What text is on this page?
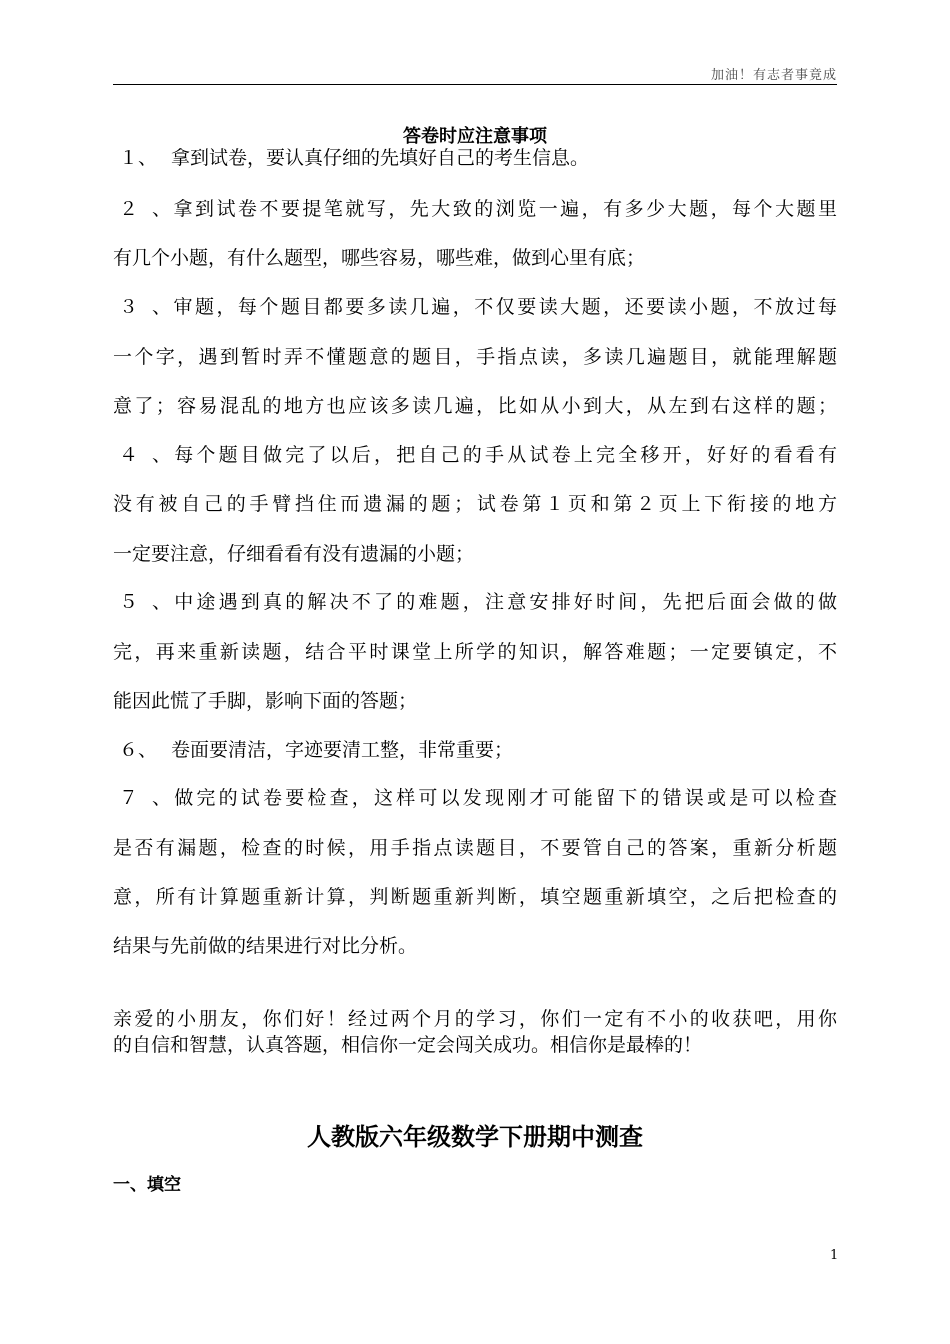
加油！有志者事竟成
答卷时应注意事项
１、 拿到试卷，要认真仔细的先填好自己的考生信息。
２、拿到试卷不要提笔就写，先大致的浏览一遍，有多少大题，每个大题里
有几个小题，有什么题型，哪些容易，哪些难，做到心里有底；
３、审题，每个题目都要多读几遍，不仅要读大题，还要读小题，不放过每
一个字，遇到暂时弄不懂题意的题目，手指点读，多读几遍题目，就能理解题
意了；容易混乱的地方也应该多读几遍，比如从小到大，从左到右这样的题；
４、每个题目做完了以后，把自己的手从试卷上完全移开，好好的看看有
没有被自己的手臂挡住而遗漏的题；试卷第１页和第２页上下衔接的地方
一定要注意，仔细看看有没有遗漏的小题；
５、中途遇到真的解决不了的难题，注意安排好时间，先把后面会做的做
完，再来重新读题，结合平时课堂上所学的知识，解答难题；一定要镇定，不
能因此慌了手脚，影响下面的答题；
６、 卷面要清洁，字迹要清工整，非常重要；
７、做完的试卷要检查，这样可以发现刚才可能留下的错误或是可以检查
是否有漏题，检查的时候，用手指点读题目，不要管自己的答案，重新分析题
意，所有计算题重新计算，判断题重新判断，填空题重新填空，之后把检查的
结果与先前做的结果进行对比分析。
亲爱的小朋友，你们好！经过两个月的学习，你们一定有不小的收获吧，用你
的自信和智慧，认真答题，相信你一定会闯关成功。相信你是最棒的！
人教版六年级数学下册期中测查
一、填空
1
